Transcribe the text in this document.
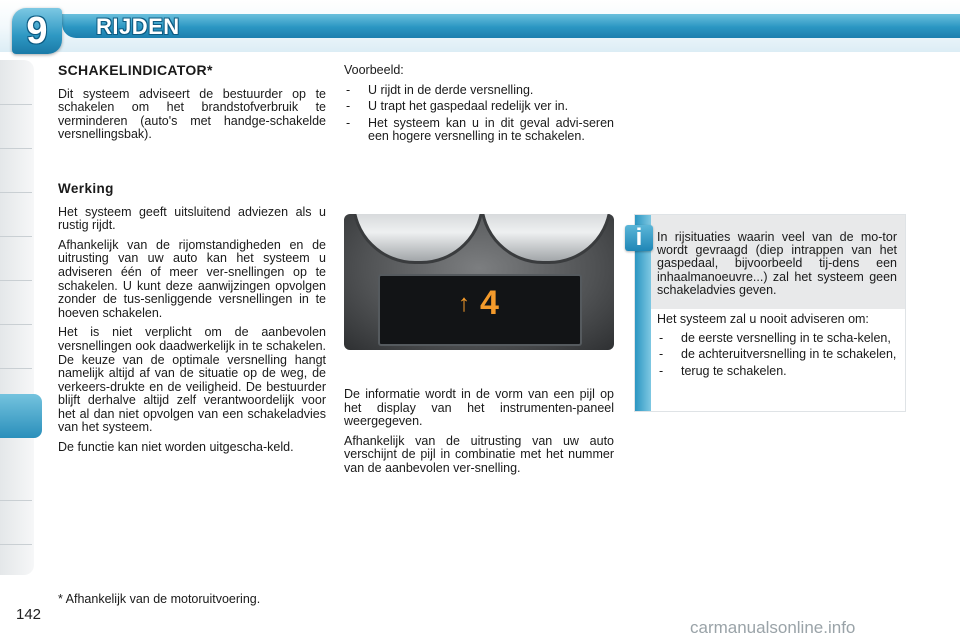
9	RIJDEN
SCHAKELINDICATOR*

Dit systeem adviseert de bestuurder op te schakelen om het brandstofverbruik te verminderen (auto's met handge-schakelde versnellingsbak).

Werking

Het systeem geeft uitsluitend adviezen als u rustig rijdt.

Afhankelijk van de rijomstandigheden en de uitrusting van uw auto kan het systeem u adviseren één of meer ver-snellingen op te schakelen. U kunt deze aanwijzingen opvolgen zonder de tus-senliggende versnellingen in te hoeven schakelen.

Het is niet verplicht om de aanbevolen versnellingen ook daadwerkelijk in te schakelen. De keuze van de optimale versnelling hangt namelijk altijd af van de situatie op de weg, de verkeers-drukte en de veiligheid. De bestuurder blijft derhalve altijd zelf verantwoordelijk voor het al dan niet opvolgen van een schakeladvies van het systeem.

De functie kan niet worden uitgescha-keld.

Voorbeeld:

- U rijdt in de derde versnelling.
- U trapt het gaspedaal redelijk ver in.
- Het systeem kan u in dit geval advi-seren een hogere versnelling in te schakelen.
↑ 4

De informatie wordt in de vorm van een pijl op het display van het instrumenten-paneel weergegeven.

Afhankelijk van de uitrusting van uw auto verschijnt de pijl in combinatie met het nummer van de aanbevolen ver-snelling.

i	In rijsituaties waarin veel van de mo-tor wordt gevraagd (diep intrappen van het gaspedaal, bijvoorbeeld tij-dens een inhaalmanoeuvre...) zal het systeem geen schakeladvies geven.

Het systeem zal u nooit adviseren om:

- de eerste versnelling in te scha-kelen,
- de achteruitversnelling in te schakelen,
- terug te schakelen.
* Afhankelijk van de motoruitvoering.
142
carmanualsonline.info
